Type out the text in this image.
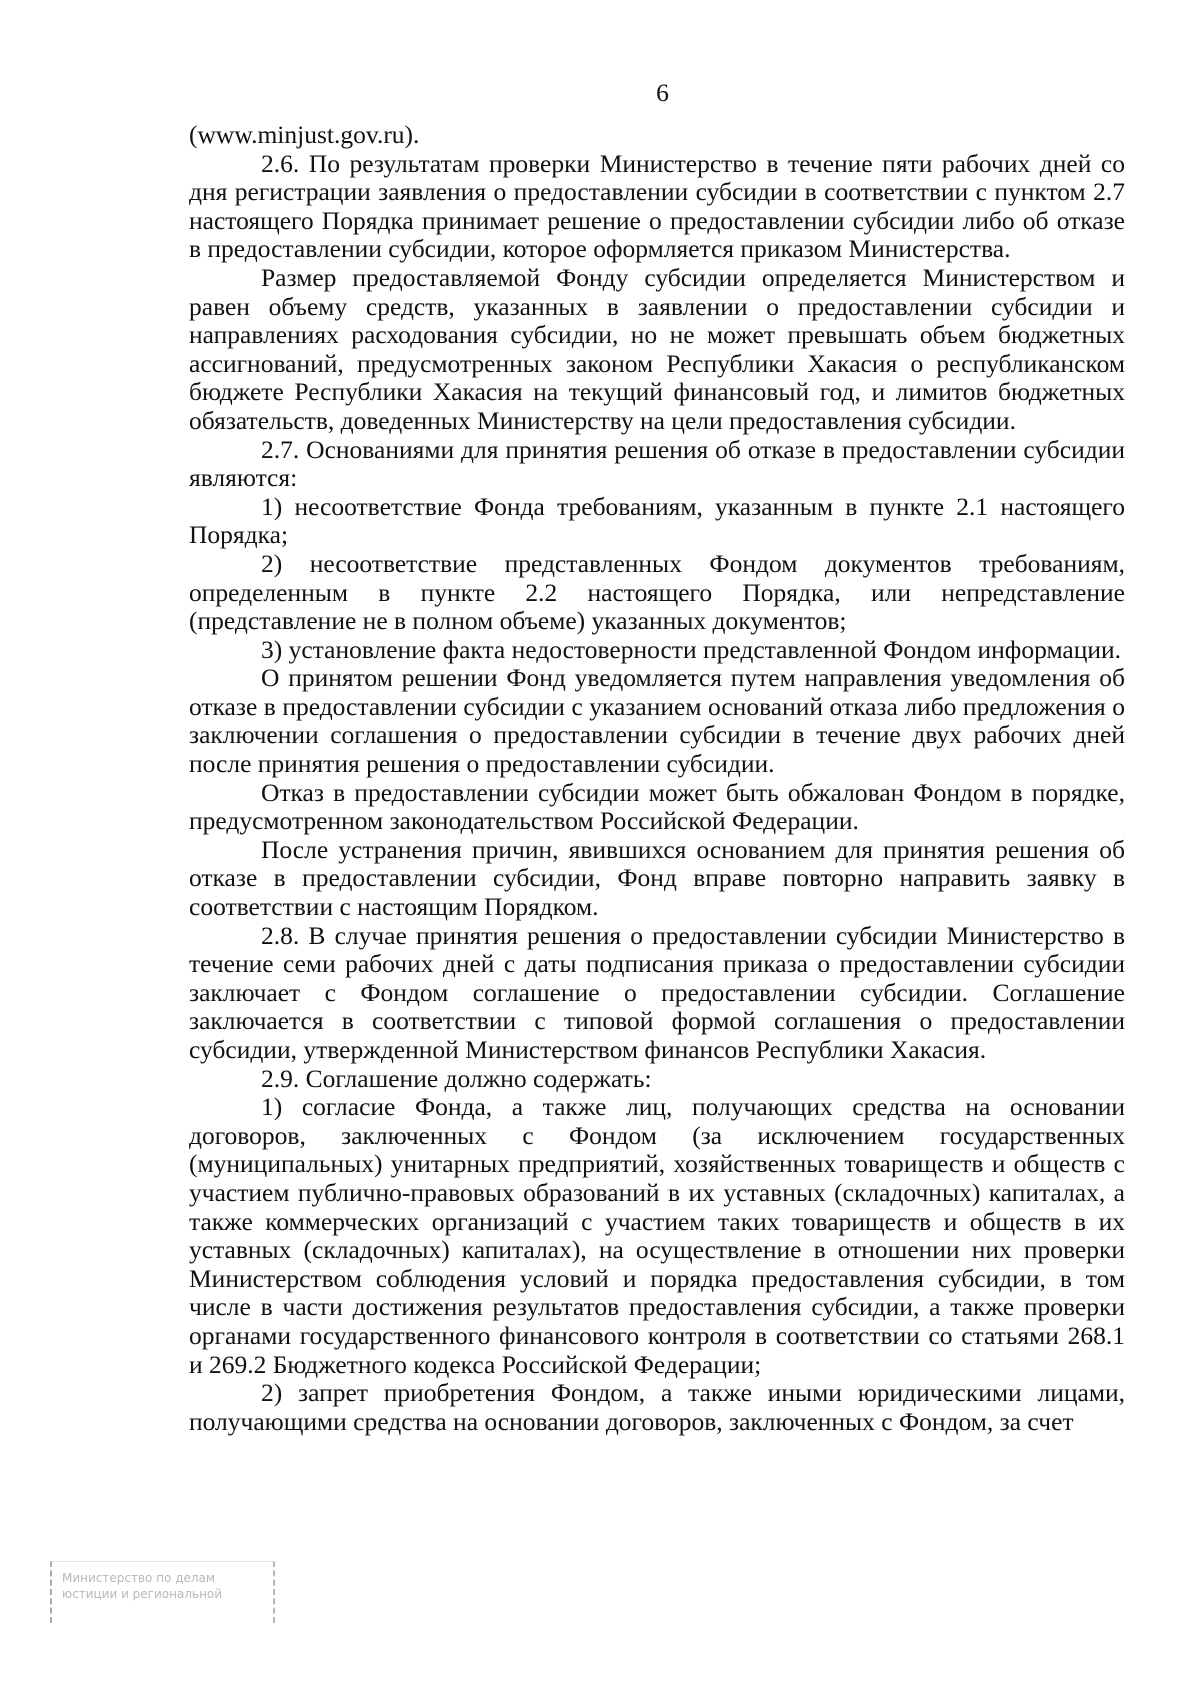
6

(www.minjust.gov.ru).

2.6. По результатам проверки Министерство в течение пяти рабочих дней со дня регистрации заявления о предоставлении субсидии в соответствии с пунктом 2.7 настоящего Порядка принимает решение о предоставлении субсидии либо об отказе в предоставлении субсидии, которое оформляется приказом Министерства.

Размер предоставляемой Фонду субсидии определяется Министерством и равен объему средств, указанных в заявлении о предоставлении субсидии и направлениях расходования субсидии, но не может превышать объем бюджетных ассигнований, предусмотренных законом Республики Хакасия о республиканском бюджете Республики Хакасия на текущий финансовый год, и лимитов бюджетных обязательств, доведенных Министерству на цели предоставления субсидии.

2.7. Основаниями для принятия решения об отказе в предоставлении субсидии являются:

1) несоответствие Фонда требованиям, указанным в пункте 2.1 настоящего Порядка;

2) несоответствие представленных Фондом документов требованиям, определенным в пункте 2.2 настоящего Порядка, или непредставление (представление не в полном объеме) указанных документов;

3) установление факта недостоверности представленной Фондом информации.

О принятом решении Фонд уведомляется путем направления уведомления об отказе в предоставлении субсидии с указанием оснований отказа либо предложения о заключении соглашения о предоставлении субсидии в течение двух рабочих дней после принятия решения о предоставлении субсидии.

Отказ в предоставлении субсидии может быть обжалован Фондом в порядке, предусмотренном законодательством Российской Федерации.

После устранения причин, явившихся основанием для принятия решения об отказе в предоставлении субсидии, Фонд вправе повторно направить заявку в соответствии с настоящим Порядком.

2.8. В случае принятия решения о предоставлении субсидии Министерство в течение семи рабочих дней с даты подписания приказа о предоставлении субсидии заключает с Фондом соглашение о предоставлении субсидии. Соглашение заключается в соответствии с типовой формой соглашения о предоставлении субсидии, утвержденной Министерством финансов Республики Хакасия.

2.9. Соглашение должно содержать:

1) согласие Фонда, а также лиц, получающих средства на основании договоров, заключенных с Фондом (за исключением государственных (муниципальных) унитарных предприятий, хозяйственных товариществ и обществ с участием публично-правовых образований в их уставных (складочных) капиталах, а также коммерческих организаций с участием таких товариществ и обществ в их уставных (складочных) капиталах), на осуществление в отношении них проверки Министерством соблюдения условий и порядка предоставления субсидии, в том числе в части достижения результатов предоставления субсидии, а также проверки органами государственного финансового контроля в соответствии со статьями 268.1 и 269.2 Бюджетного кодекса Российской Федерации;

2) запрет приобретения Фондом, а также иными юридическими лицами, получающими средства на основании договоров, заключенных с Фондом, за счет

Министерство по делам
юстиции и региональной
